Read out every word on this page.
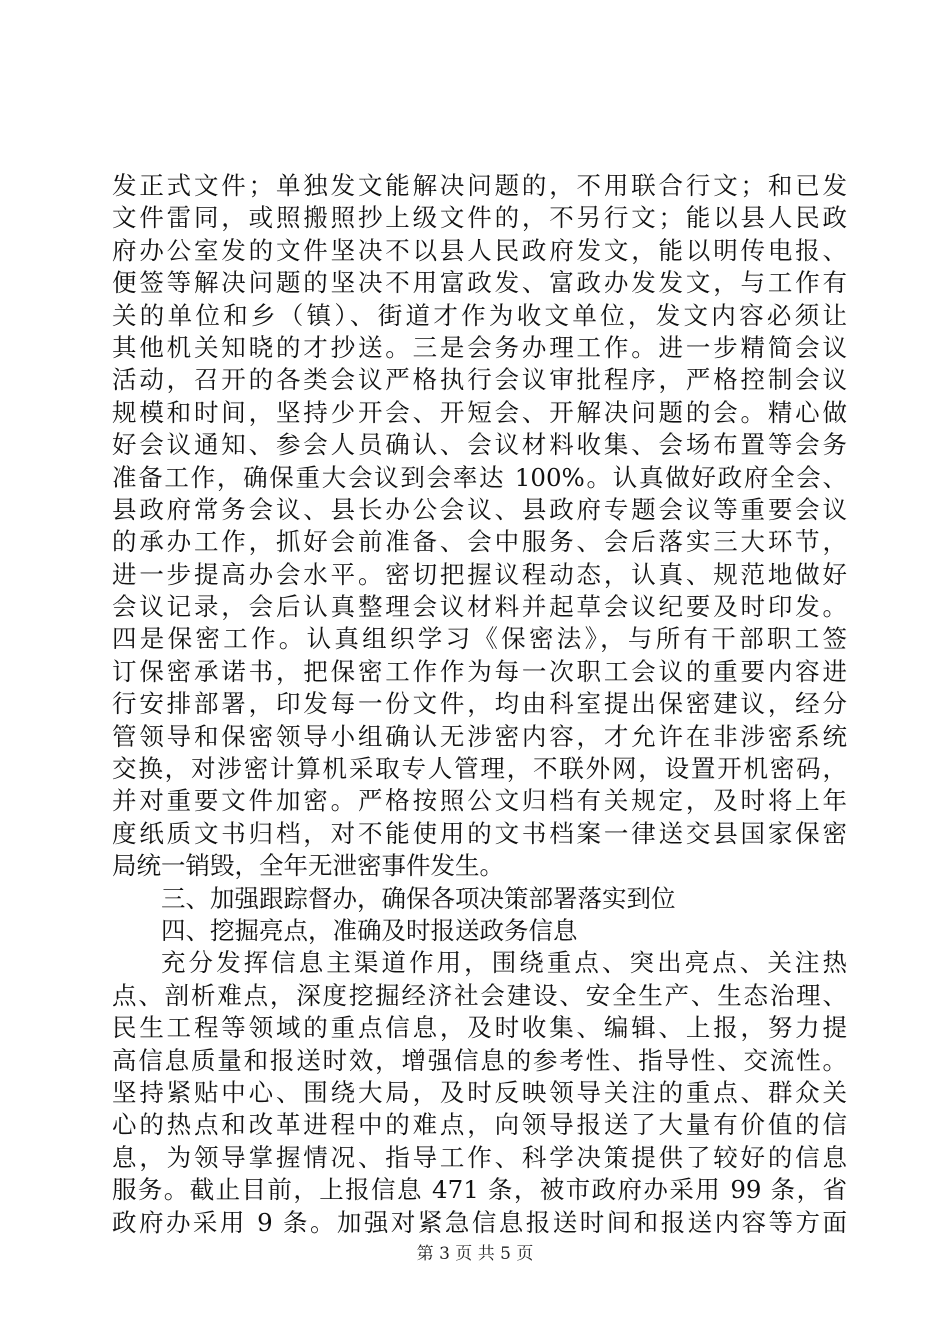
发正式文件；单独发文能解决问题的，不用联合行文；和已发
文件雷同，或照搬照抄上级文件的，不另行文；能以县人民政
府办公室发的文件坚决不以县人民政府发文，能以明传电报、
便签等解决问题的坚决不用富政发、富政办发发文，与工作有
关的单位和乡（镇）、街道才作为收文单位，发文内容必须让
其他机关知晓的才抄送。三是会务办理工作。进一步精简会议
活动，召开的各类会议严格执行会议审批程序，严格控制会议
规模和时间，坚持少开会、开短会、开解决问题的会。精心做
好会议通知、参会人员确认、会议材料收集、会场布置等会务
准备工作，确保重大会议到会率达 100%。认真做好政府全会、
县政府常务会议、县长办公会议、县政府专题会议等重要会议
的承办工作，抓好会前准备、会中服务、会后落实三大环节，
进一步提高办会水平。密切把握议程动态，认真、规范地做好
会议记录，会后认真整理会议材料并起草会议纪要及时印发。
四是保密工作。认真组织学习《保密法》，与所有干部职工签
订保密承诺书，把保密工作作为每一次职工会议的重要内容进
行安排部署，印发每一份文件，均由科室提出保密建议，经分
管领导和保密领导小组确认无涉密内容，才允许在非涉密系统
交换，对涉密计算机采取专人管理，不联外网，设置开机密码，
并对重要文件加密。严格按照公文归档有关规定，及时将上年
度纸质文书归档，对不能使用的文书档案一律送交县国家保密
局统一销毁，全年无泄密事件发生。
三、加强跟踪督办，确保各项决策部署落实到位
四、挖掘亮点，准确及时报送政务信息
充分发挥信息主渠道作用，围绕重点、突出亮点、关注热
点、剖析难点，深度挖掘经济社会建设、安全生产、生态治理、
民生工程等领域的重点信息，及时收集、编辑、上报，努力提
高信息质量和报送时效，增强信息的参考性、指导性、交流性。
坚持紧贴中心、围绕大局，及时反映领导关注的重点、群众关
心的热点和改革进程中的难点，向领导报送了大量有价值的信
息，为领导掌握情况、指导工作、科学决策提供了较好的信息
服务。截止目前，上报信息 471 条，被市政府办采用 99 条，省
政府办采用 9 条。加强对紧急信息报送时间和报送内容等方面
第 3 页 共 5 页
